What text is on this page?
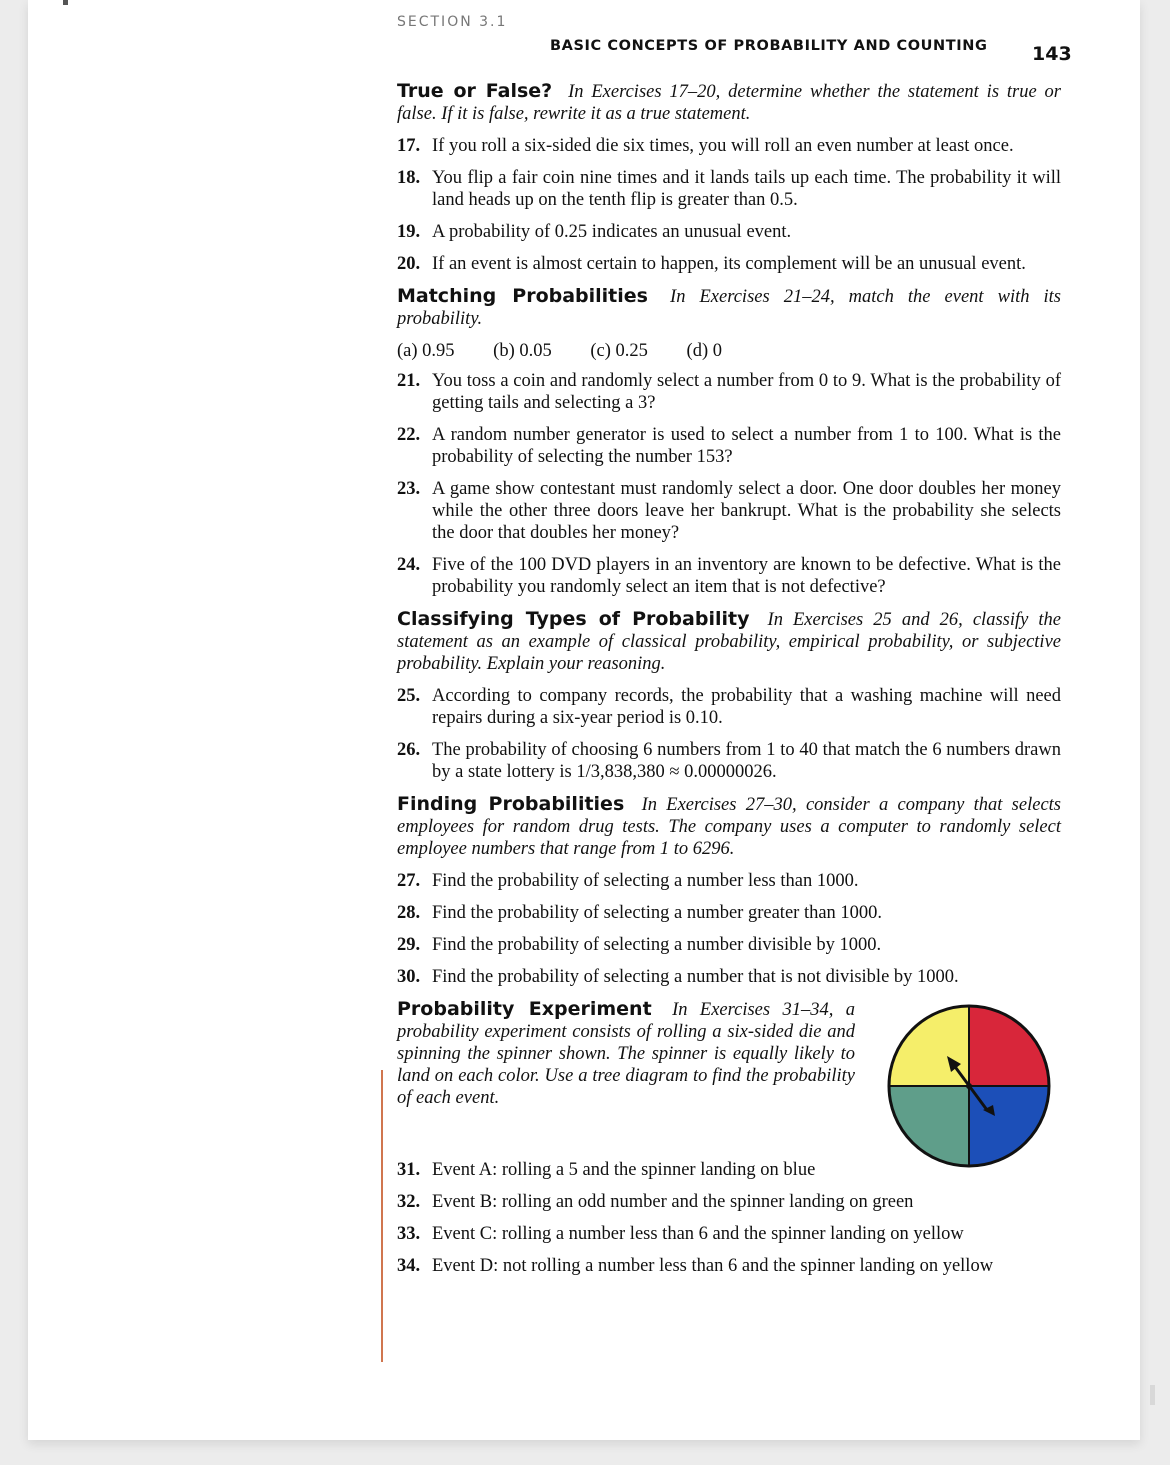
SECTION 3.1
BASIC CONCEPTS OF PROBABILITY AND COUNTING 143

True or False? In Exercises 17–20, determine whether the statement is true or false. If it is false, rewrite it as a true statement.

17. If you roll a six-sided die six times, you will roll an even number at least once.
18. You flip a fair coin nine times and it lands tails up each time. The probability it will land heads up on the tenth flip is greater than 0.5.
19. A probability of 0.25 indicates an unusual event.
20. If an event is almost certain to happen, its complement will be an unusual event.

Matching Probabilities In Exercises 21–24, match the event with its probability.

(a) 0.95 (b) 0.05 (c) 0.25 (d) 0
21. You toss a coin and randomly select a number from 0 to 9. What is the probability of getting tails and selecting a 3?
22. A random number generator is used to select a number from 1 to 100. What is the probability of selecting the number 153?
23. A game show contestant must randomly select a door. One door doubles her money while the other three doors leave her bankrupt. What is the probability she selects the door that doubles her money?
24. Five of the 100 DVD players in an inventory are known to be defective. What is the probability you randomly select an item that is not defective?

Classifying Types of Probability In Exercises 25 and 26, classify the statement as an example of classical probability, empirical probability, or subjective probability. Explain your reasoning.

25. According to company records, the probability that a washing machine will need repairs during a six-year period is 0.10.
26. The probability of choosing 6 numbers from 1 to 40 that match the 6 numbers drawn by a state lottery is 1/3,838,380 ≈ 0.00000026.

Finding Probabilities In Exercises 27–30, consider a company that selects employees for random drug tests. The company uses a computer to randomly select employee numbers that range from 1 to 6296.

27. Find the probability of selecting a number less than 1000.
28. Find the probability of selecting a number greater than 1000.
29. Find the probability of selecting a number divisible by 1000.
30. Find the probability of selecting a number that is not divisible by 1000.

Probability Experiment In Exercises 31–34, a probability experiment consists of rolling a six-sided die and spinning the spinner shown. The spinner is equally likely to land on each color. Use a tree diagram to find the probability of each event.

31. Event A: rolling a 5 and the spinner landing on blue
32. Event B: rolling an odd number and the spinner landing on green
33. Event C: rolling a number less than 6 and the spinner landing on yellow
34. Event D: not rolling a number less than 6 and the spinner landing on yellow
